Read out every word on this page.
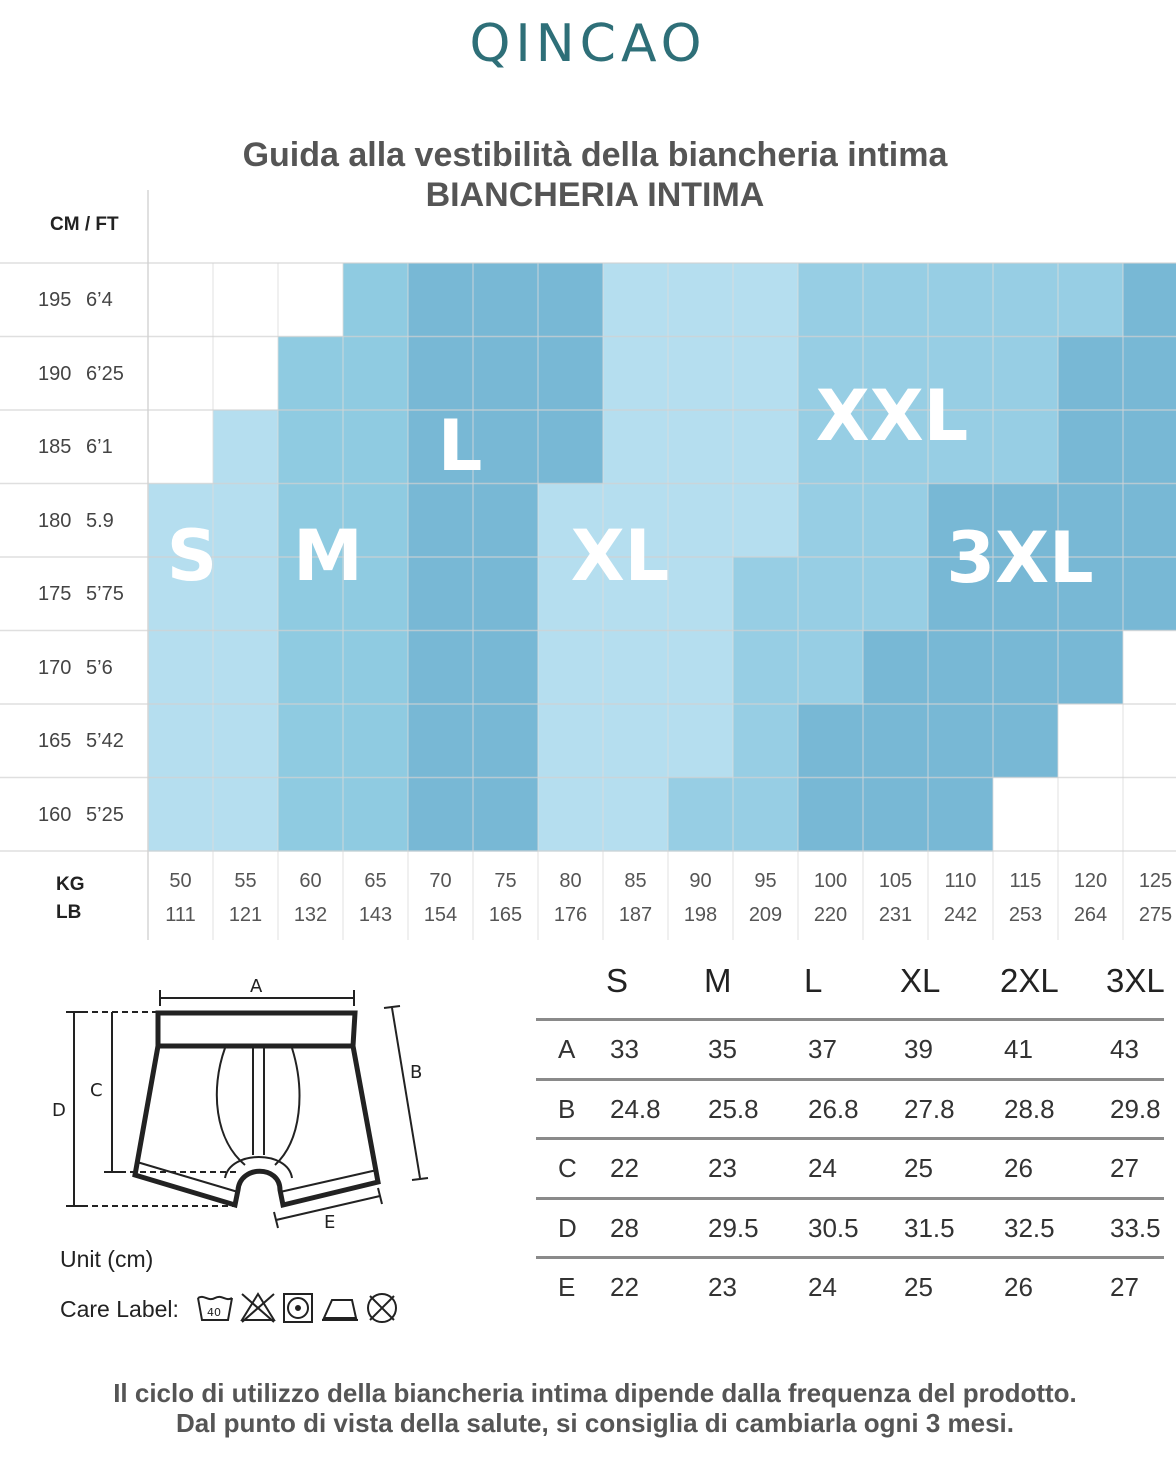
QINCAO
Guida alla vestibilità della biancheria intima
BIANCHERIA INTIMA
CM / FT
KG
LB
S M
L
XL
XXL
3XL
195 6’4
190 6’25
185 6’1
180 5.9
175 5’75
170 5’6
165 5’42
160 5’25
50
111
55
121
60
132
65
143
70
154
75
165
80
176
85
187
90
198
95
209
100
220
105
231
110
242
115
253
120
264
125
275
A
B
C
D
E
Unit (cm)
Care Label:	40
S M L XL 2XL 3XL
A 33	35	37	39	41	43
B 24.8 25.8 26.8 27.8 28.8 29.8
C 22	23	24	25	26	27
D 28	29.5 30.5 31.5 32.5 33.5
E 22	23	24	25	26	27
Il ciclo di utilizzo della biancheria intima dipende dalla frequenza del prodotto.
Dal punto di vista della salute, si consiglia di cambiarla ogni 3 mesi.
